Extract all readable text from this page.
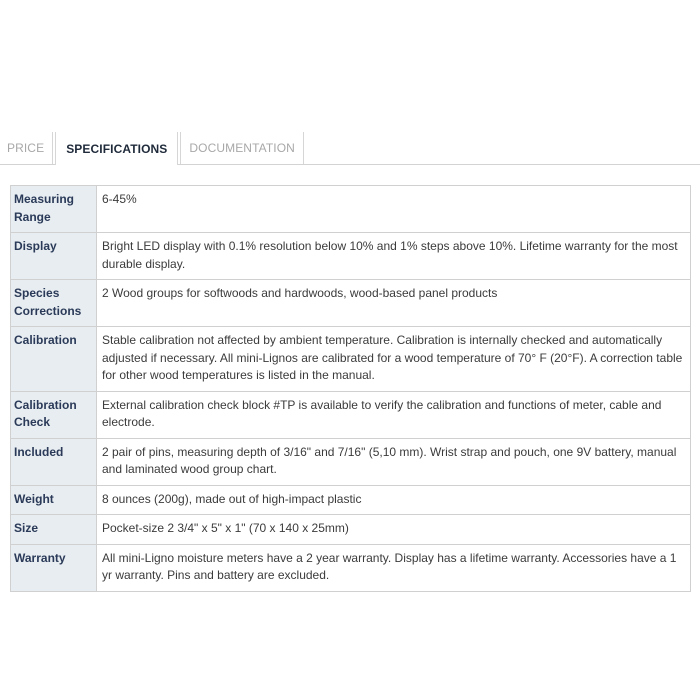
PRICE	SPECIFICATIONS	DOCUMENTATION
Measuring Range	6-45%
Display	Bright LED display with 0.1% resolution below 10% and 1% steps above 10%. Lifetime warranty for the most durable display.
Species Corrections	2 Wood groups for softwoods and hardwoods, wood-based panel products
Calibration	Stable calibration not affected by ambient temperature. Calibration is internally checked and automatically adjusted if necessary. All mini-Lignos are calibrated for a wood temperature of 70° F (20°F). A correction table for other wood temperatures is listed in the manual.
Calibration Check	External calibration check block #TP is available to verify the calibration and functions of meter, cable and electrode.
Included	2 pair of pins, measuring depth of 3/16" and 7/16" (5,10 mm). Wrist strap and pouch, one 9V battery, manual and laminated wood group chart.
Weight	8 ounces (200g), made out of high-impact plastic
Size	Pocket-size 2 3/4" x 5" x 1" (70 x 140 x 25mm)
Warranty	All mini-Ligno moisture meters have a 2 year warranty. Display has a lifetime warranty. Accessories have a 1 yr warranty. Pins and battery are excluded.
